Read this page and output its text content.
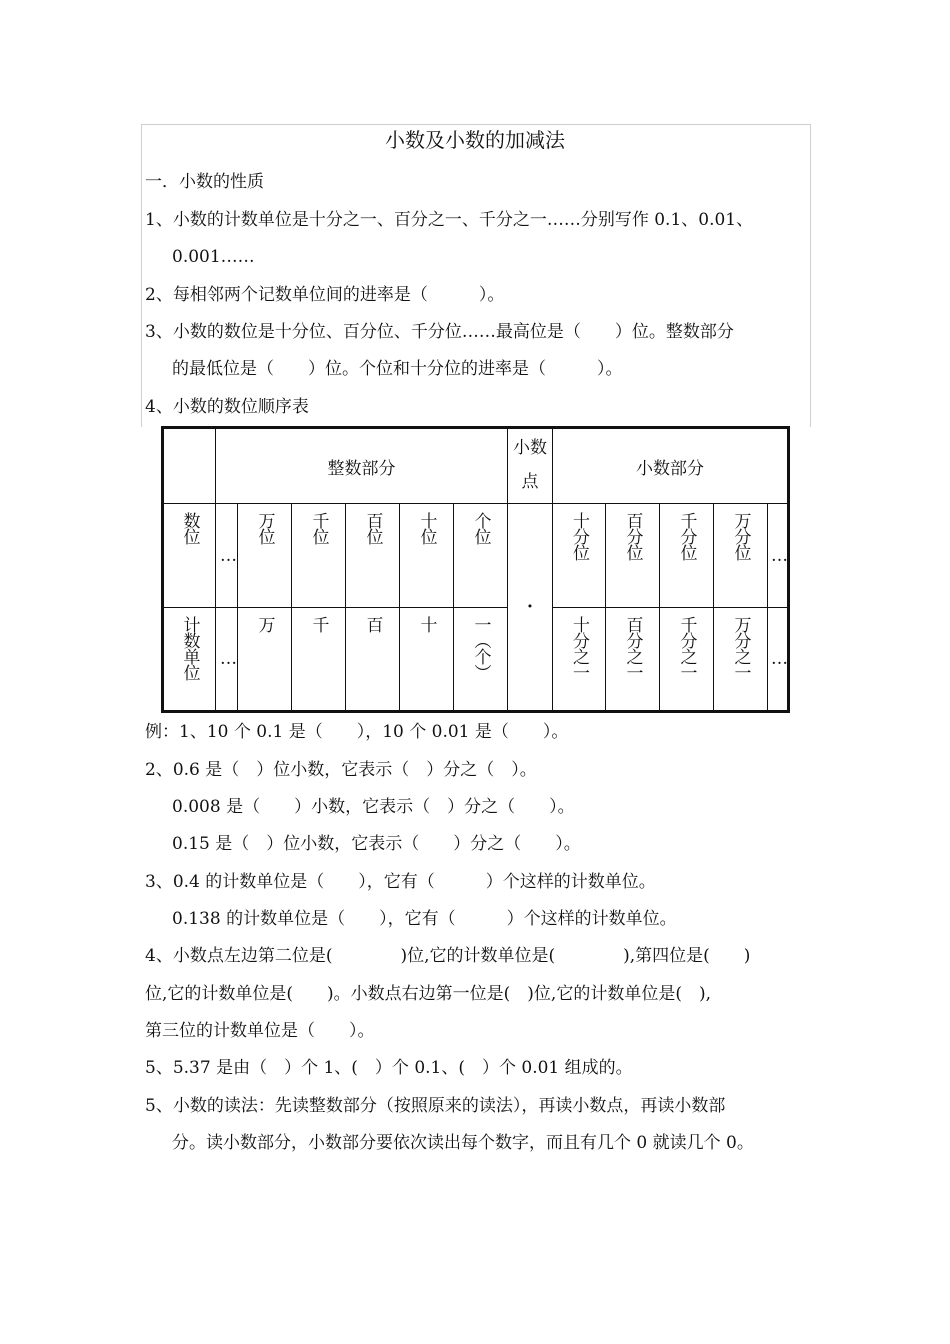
小数及小数的加减法
一．小数的性质
1、小数的计数单位是十分之一、百分之一、千分之一……分别写作 0.1、0.01、
0.001……
2、每相邻两个记数单位间的进率是（　　　）。
3、小数的数位是十分位、百分位、千分位……最高位是（　　）位。整数部分
的最低位是（　　）位。个位和十分位的进率是（　　　）。
4、小数的数位顺序表
	整数部分						小数点	小数部分				
数位	…	万位	千位	百位	十位	个位	·	十分位	百分位	千分位	万分位	…
计数单位	…	万	千	百	十	一（个）		十分之一	百分之一	千分之一	万分之一	…
例：1、10 个 0.1 是（　　），10 个 0.01 是（　　）。
2、0.6 是（　）位小数，它表示（　）分之（　）。
0.008 是（　　）小数，它表示（　）分之（　　）。
0.15 是（　）位小数，它表示（　　）分之（　　）。
3、0.4 的计数单位是（　　），它有（　　　）个这样的计数单位。
0.138 的计数单位是（　　），它有（　　　）个这样的计数单位。
4、小数点左边第二位是(　　　　)位,它的计数单位是(　　　　),第四位是(　　)
位,它的计数单位是(　　)。小数点右边第一位是(　)位,它的计数单位是(　),
第三位的计数单位是（　　）。
5、5.37 是由（　）个 1、(　）个 0.1、(　）个 0.01 组成的。
5、小数的读法：先读整数部分（按照原来的读法），再读小数点，再读小数部
分。读小数部分，小数部分要依次读出每个数字，而且有几个 0 就读几个 0。
